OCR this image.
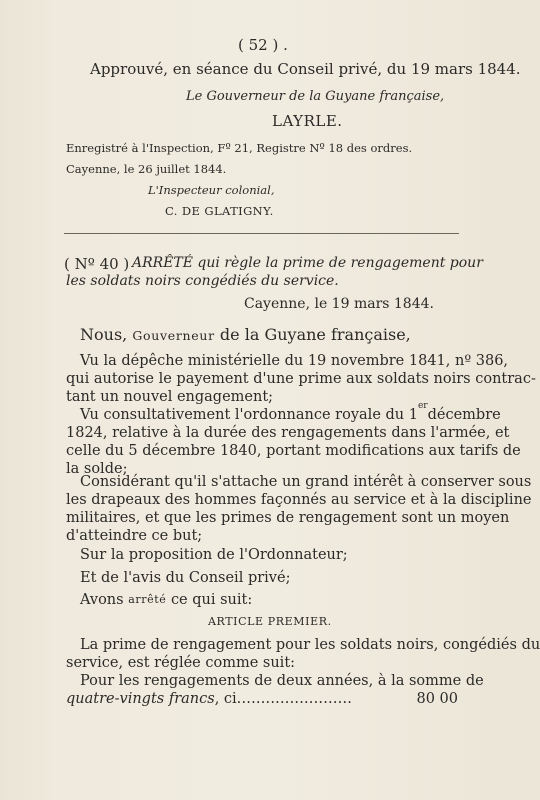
( 52 ) .
Approuvé, en séance du Conseil privé, du 19 mars 1844.
Le Gouverneur de la Guyane française,
LAYRLE.
Enregistré à l'Inspection, Fº 21, Registre Nº 18 des ordres.
Cayenne, le 26 juillet 1844.
L'Inspecteur colonial,
C. DE GLATIGNY.
( Nº 40 ) ARRÊTÉ qui règle la prime de rengagement pour
les soldats noirs congédiés du service.
Cayenne, le 19 mars 1844.
Nous, Gouverneur de la Guyane française,
Vu la dépêche ministérielle du 19 novembre 1841, nº 386,
qui autorise le payement d'une prime aux soldats noirs contrac-
tant un nouvel engagement;
Vu consultativement l'ordonnance royale du 1
er
décembre
1824, relative à la durée des rengagements dans l'armée, et
celle du 5 décembre 1840, portant modifications aux tarifs de
la solde;
Considérant qu'il s'attache un grand intérêt à conserver sous
les drapeaux des hommes façonnés au service et à la discipline
militaires, et que les primes de rengagement sont un moyen
d'atteindre ce but;
Sur la proposition de l'Ordonnateur;
Et de l'avis du Conseil privé;
Avons
arrêté
ce qui suit:
ARTICLE PREMIER.
La prime de rengagement pour les soldats noirs, congédiés du
service, est réglée comme suit:
Pour les rengagements de deux années, à la somme de
quatre-vingts francs, ci........................	80 00
